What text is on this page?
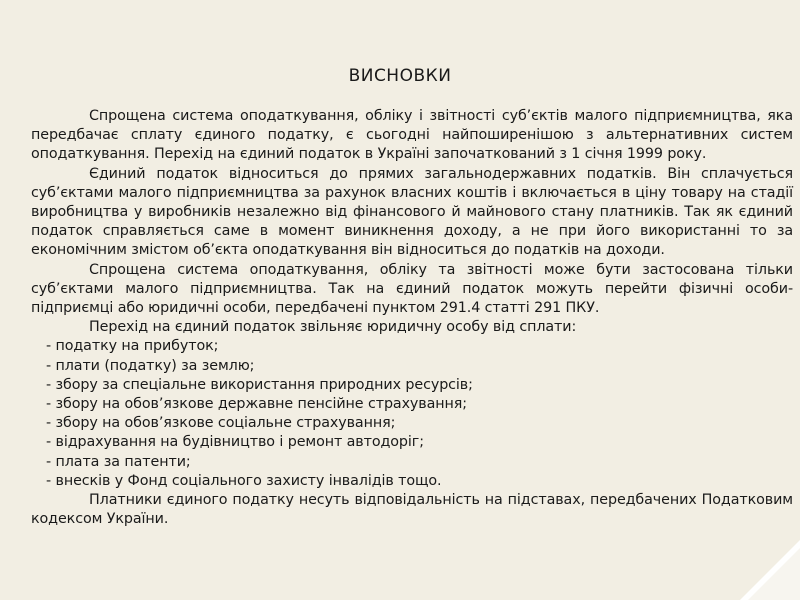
ВИСНОВКИ

Спрощена система оподаткування, обліку і звітності суб’єктів малого підприємництва, яка передбачає сплату єдиного податку, є сьогодні найпоширенішою з альтернативних систем оподаткування. Перехід на єдиний податок в Україні започаткований з 1 січня 1999 року.

Єдиний податок відноситься до прямих загальнодержавних податків. Він сплачується суб’єктами малого підприємництва за рахунок власних коштів і включається в ціну товару на стадії виробництва у виробників незалежно від фінансового й майнового стану платників. Так як єдиний податок справляється саме в момент виникнення доходу, а не при його використанні то за економічним змістом об’єкта оподаткування він відноситься до податків на доходи.

Спрощена система оподаткування, обліку та звітності може бути застосована тільки суб’єктами малого підприємництва. Так на єдиний податок можуть перейти фізичні особи-підприємці або юридичні особи, передбачені пунктом 291.4 статті 291 ПКУ.

Перехід на єдиний податок звільняє юридичну особу від сплати:

- податку на прибуток;
- плати (податку) за землю;
- збору за спеціальне використання природних ресурсів;
- збору на обов’язкове державне пенсійне страхування;
- збору на обов’язкове соціальне страхування;
- відрахування на будівництво і ремонт автодоріг;
- плата за патенти;
- внесків у Фонд соціального захисту інвалідів тощо.

Платники єдиного податку несуть відповідальність на підставах, передбачених Податковим кодексом України.
